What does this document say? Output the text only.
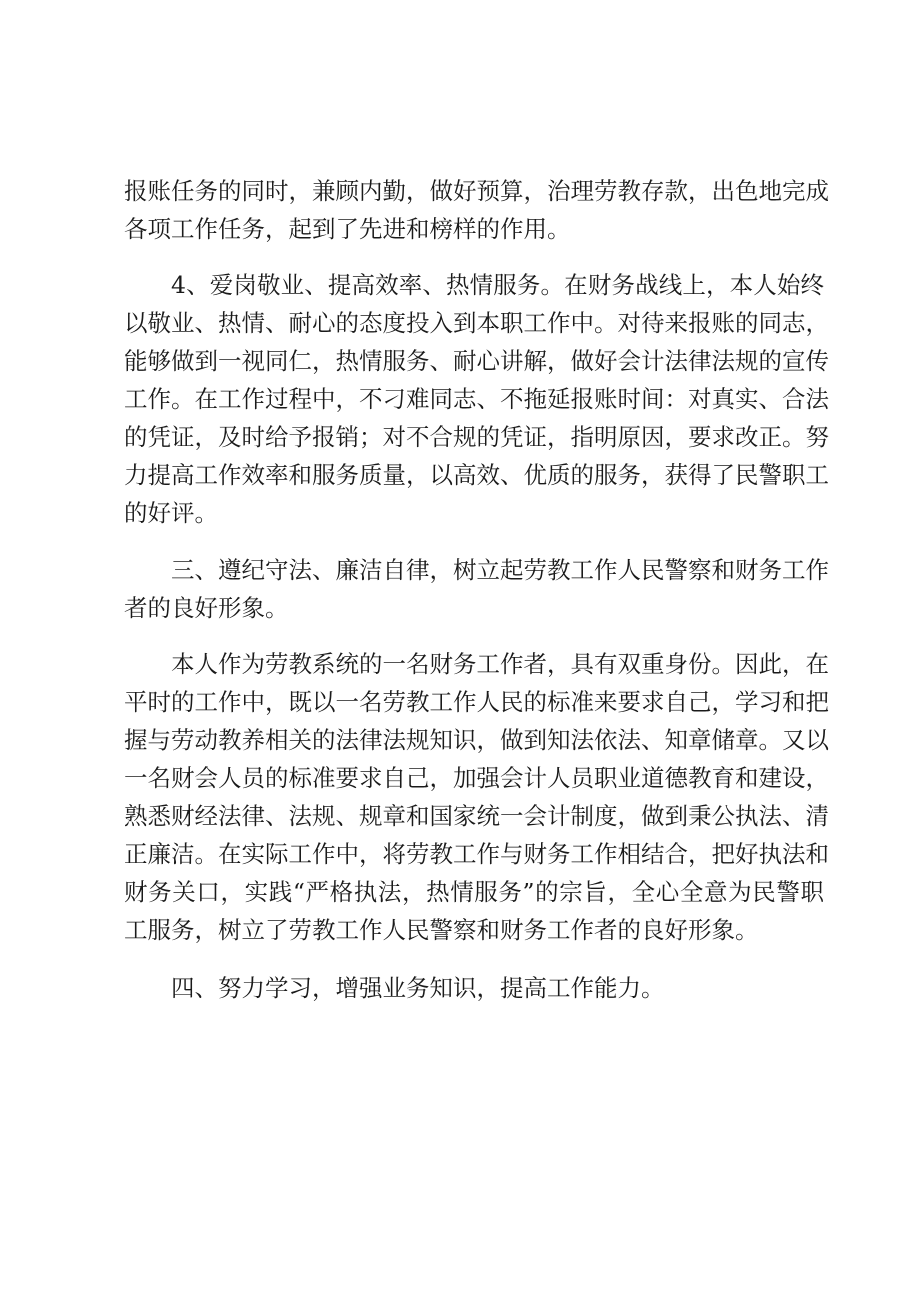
报账任务的同时，兼顾内勤，做好预算，治理劳教存款，出色地完成
各项工作任务，起到了先进和榜样的作用。
4、爱岗敬业、提高效率、热情服务。在财务战线上，本人始终
以敬业、热情、耐心的态度投入到本职工作中。对待来报账的同志，
能够做到一视同仁，热情服务、耐心讲解，做好会计法律法规的宣传
工作。在工作过程中，不刁难同志、不拖延报账时间：对真实、合法
的凭证，及时给予报销；对不合规的凭证，指明原因，要求改正。努
力提高工作效率和服务质量，以高效、优质的服务，获得了民警职工
的好评。
三、遵纪守法、廉洁自律，树立起劳教工作人民警察和财务工作
者的良好形象。
本人作为劳教系统的一名财务工作者，具有双重身份。因此，在
平时的工作中，既以一名劳教工作人民的标准来要求自己，学习和把
握与劳动教养相关的法律法规知识，做到知法依法、知章储章。又以
一名财会人员的标准要求自己，加强会计人员职业道德教育和建设，
熟悉财经法律、法规、规章和国家统一会计制度，做到秉公执法、清
正廉洁。在实际工作中，将劳教工作与财务工作相结合，把好执法和
财务关口，实践“严格执法，热情服务”的宗旨，全心全意为民警职
工服务，树立了劳教工作人民警察和财务工作者的良好形象。
四、努力学习，增强业务知识，提高工作能力。
